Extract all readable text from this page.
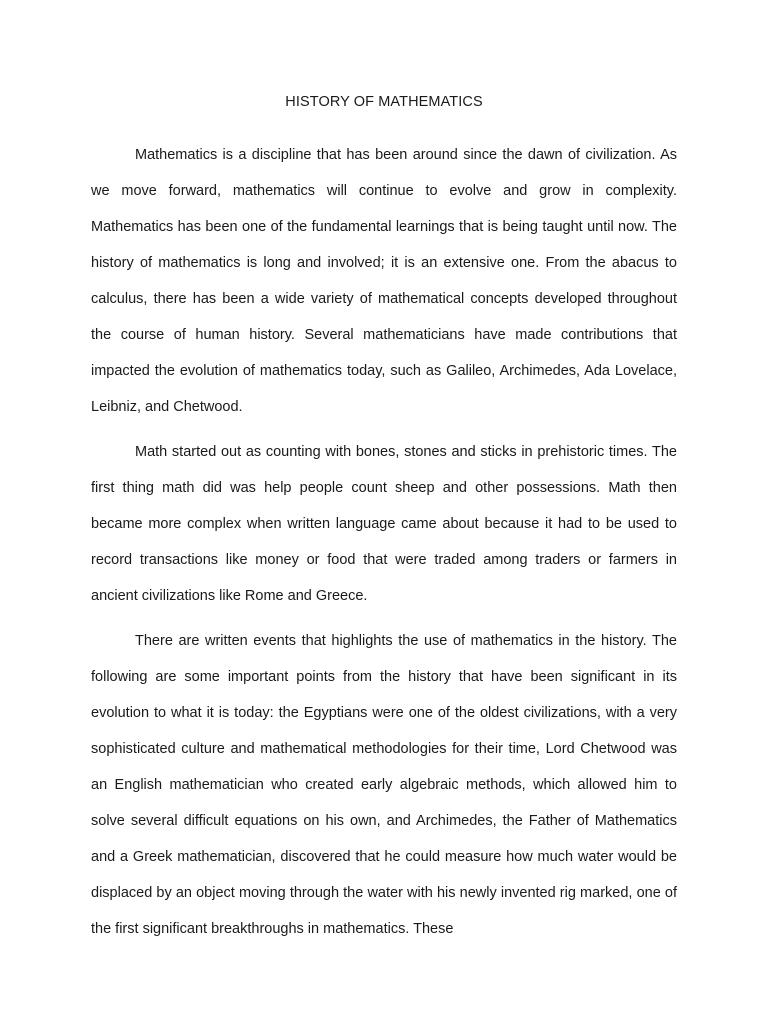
HISTORY OF MATHEMATICS

Mathematics is a discipline that has been around since the dawn of civilization. As we move forward, mathematics will continue to evolve and grow in complexity. Mathematics has been one of the fundamental learnings that is being taught until now. The history of mathematics is long and involved; it is an extensive one. From the abacus to calculus, there has been a wide variety of mathematical concepts developed throughout the course of human history. Several mathematicians have made contributions that impacted the evolution of mathematics today, such as Galileo, Archimedes, Ada Lovelace, Leibniz, and Chetwood.

Math started out as counting with bones, stones and sticks in prehistoric times. The first thing math did was help people count sheep and other possessions. Math then became more complex when written language came about because it had to be used to record transactions like money or food that were traded among traders or farmers in ancient civilizations like Rome and Greece.

There are written events that highlights the use of mathematics in the history. The following are some important points from the history that have been significant in its evolution to what it is today: the Egyptians were one of the oldest civilizations, with a very sophisticated culture and mathematical methodologies for their time, Lord Chetwood was an English mathematician who created early algebraic methods, which allowed him to solve several difficult equations on his own, and Archimedes, the Father of Mathematics and a Greek mathematician, discovered that he could measure how much water would be displaced by an object moving through the water with his newly invented rig marked, one of the first significant breakthroughs in mathematics. These
